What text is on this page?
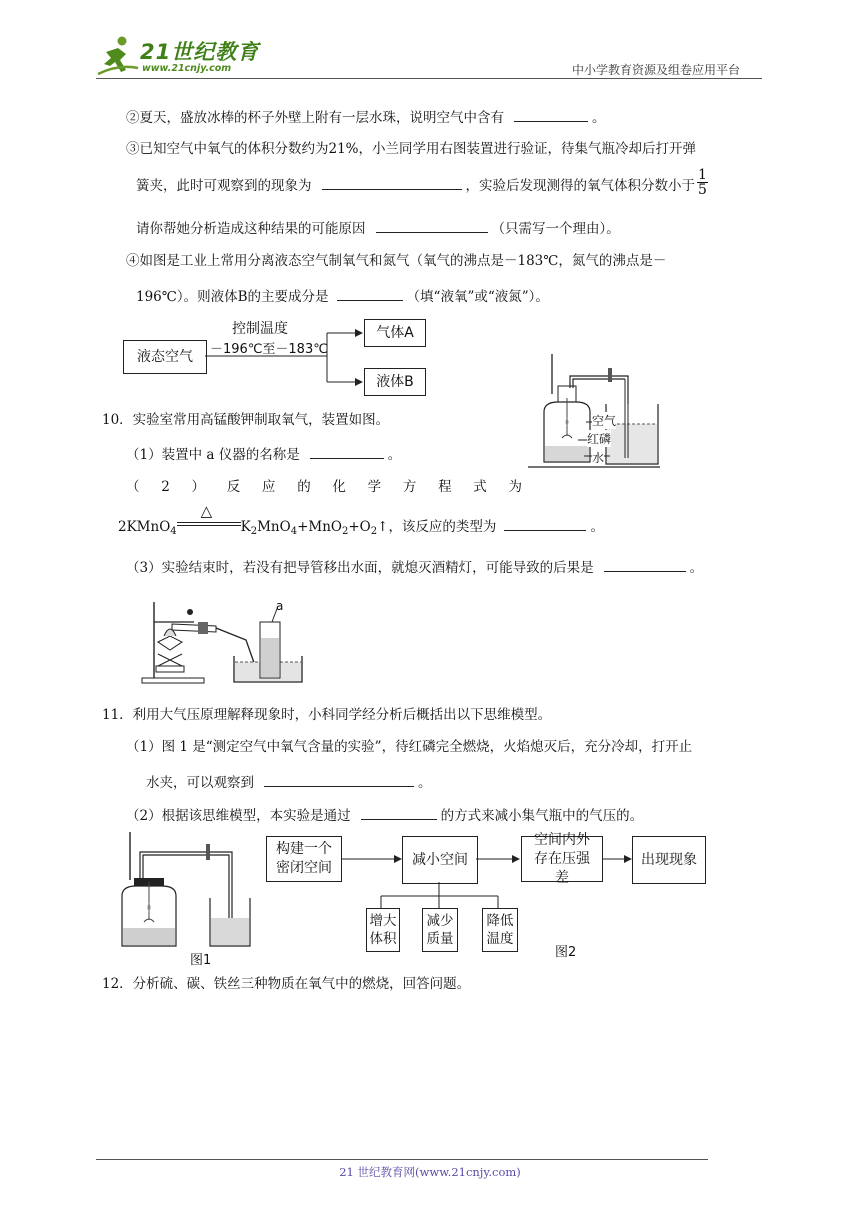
21世纪教育
www.21cnjy.com	中小学教育资源及组卷应用平台
②夏天，盛放冰棒的杯子外壁上附有一层水珠，说明空气中含有	。
③已知空气中氧气的体积分数约为21%，小兰同学用右图装置进行验证，待集气瓶冷却后打开弹
簧夹，此时可观察到的现象为	，实验后发现测得的氧气体积分数小于 $\frac{1}{5}$
请你帮她分析造成这种结果的可能原因	（只需写一个理由）。
④如图是工业上常用分离液态空气制氧气和氮气（氧气的沸点是－183℃，氮气的沸点是－
196℃）。则液体B的主要成分是	（填“液氧”或“液氮”）。
液态空气
控制温度
－196℃至－183℃
气体A
液体B
空气
红磷
水
10．实验室常用高锰酸钾制取氧气，装置如图。
（1）装置中 a 仪器的名称是	。
（ 2 ） 反 应 的 化 学 方 程 式 为
2KMnO$_4$
△
$K_2MnO_4+MnO_2+O_2↑$，该反应的类型为	。
（3）实验结束时，若没有把导管移出水面，就熄灭酒精灯，可能导致的后果是	。
a
11．利用大气压原理解释现象时，小科同学经分析后概括出以下思维模型。
（1）图 1 是“测定空气中氧气含量的实验”，待红磷完全燃烧，火焰熄灭后，充分冷却，打开止
水夹，可以观察到	。
（2）根据该思维模型，本实验是通过	的方式来减小集气瓶中的气压的。
图1
构建一个密闭空间
减小空间
空间内外存在压强差
出现现象
增大体积
减少质量
降低温度
图2
12．分析硫、碳、铁丝三种物质在氧气中的燃烧，回答问题。
21 世纪教育网(www.21cnjy.com)
